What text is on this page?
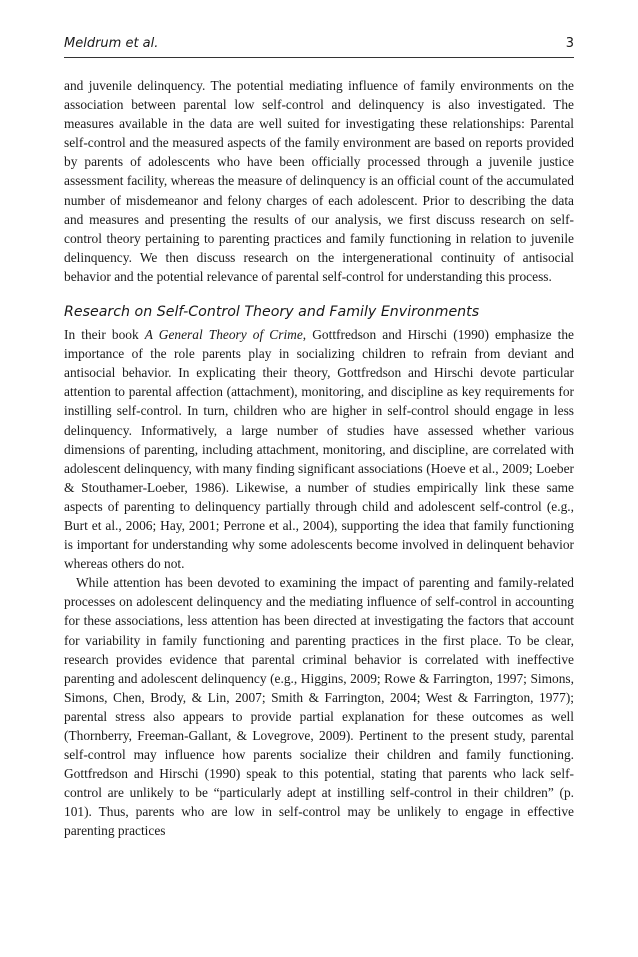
Meldrum et al.	3

and juvenile delinquency. The potential mediating influence of family environments on the association between parental low self-control and delinquency is also investigated. The measures available in the data are well suited for investigating these relationships: Parental self-control and the measured aspects of the family environment are based on reports provided by parents of adolescents who have been officially processed through a juvenile justice assessment facility, whereas the measure of delinquency is an official count of the accumulated number of misdemeanor and felony charges of each adolescent. Prior to describing the data and measures and presenting the results of our analysis, we first discuss research on self-control theory pertaining to parenting practices and family functioning in relation to juvenile delinquency. We then discuss research on the intergenerational continuity of antisocial behavior and the potential relevance of parental self-control for understanding this process.

Research on Self-Control Theory and Family Environments

In their book A General Theory of Crime, Gottfredson and Hirschi (1990) emphasize the importance of the role parents play in socializing children to refrain from deviant and antisocial behavior. In explicating their theory, Gottfredson and Hirschi devote particular attention to parental affection (attachment), monitoring, and discipline as key requirements for instilling self-control. In turn, children who are higher in self-control should engage in less delinquency. Informatively, a large number of studies have assessed whether various dimensions of parenting, including attachment, monitoring, and discipline, are correlated with adolescent delinquency, with many finding significant associations (Hoeve et al., 2009; Loeber & Stouthamer-Loeber, 1986). Likewise, a number of studies empirically link these same aspects of parenting to delinquency partially through child and adolescent self-control (e.g., Burt et al., 2006; Hay, 2001; Perrone et al., 2004), supporting the idea that family functioning is important for understanding why some adolescents become involved in delinquent behavior whereas others do not.

While attention has been devoted to examining the impact of parenting and family-related processes on adolescent delinquency and the mediating influence of self-control in accounting for these associations, less attention has been directed at investigating the factors that account for variability in family functioning and parenting practices in the first place. To be clear, research provides evidence that parental criminal behavior is correlated with ineffective parenting and adolescent delinquency (e.g., Higgins, 2009; Rowe & Farrington, 1997; Simons, Simons, Chen, Brody, & Lin, 2007; Smith & Farrington, 2004; West & Farrington, 1977); parental stress also appears to provide partial explanation for these outcomes as well (Thornberry, Freeman-Gallant, & Lovegrove, 2009). Pertinent to the present study, parental self-control may influence how parents socialize their children and family functioning. Gottfredson and Hirschi (1990) speak to this potential, stating that parents who lack self-control are unlikely to be “particularly adept at instilling self-control in their children” (p. 101). Thus, parents who are low in self-control may be unlikely to engage in effective parenting practices
